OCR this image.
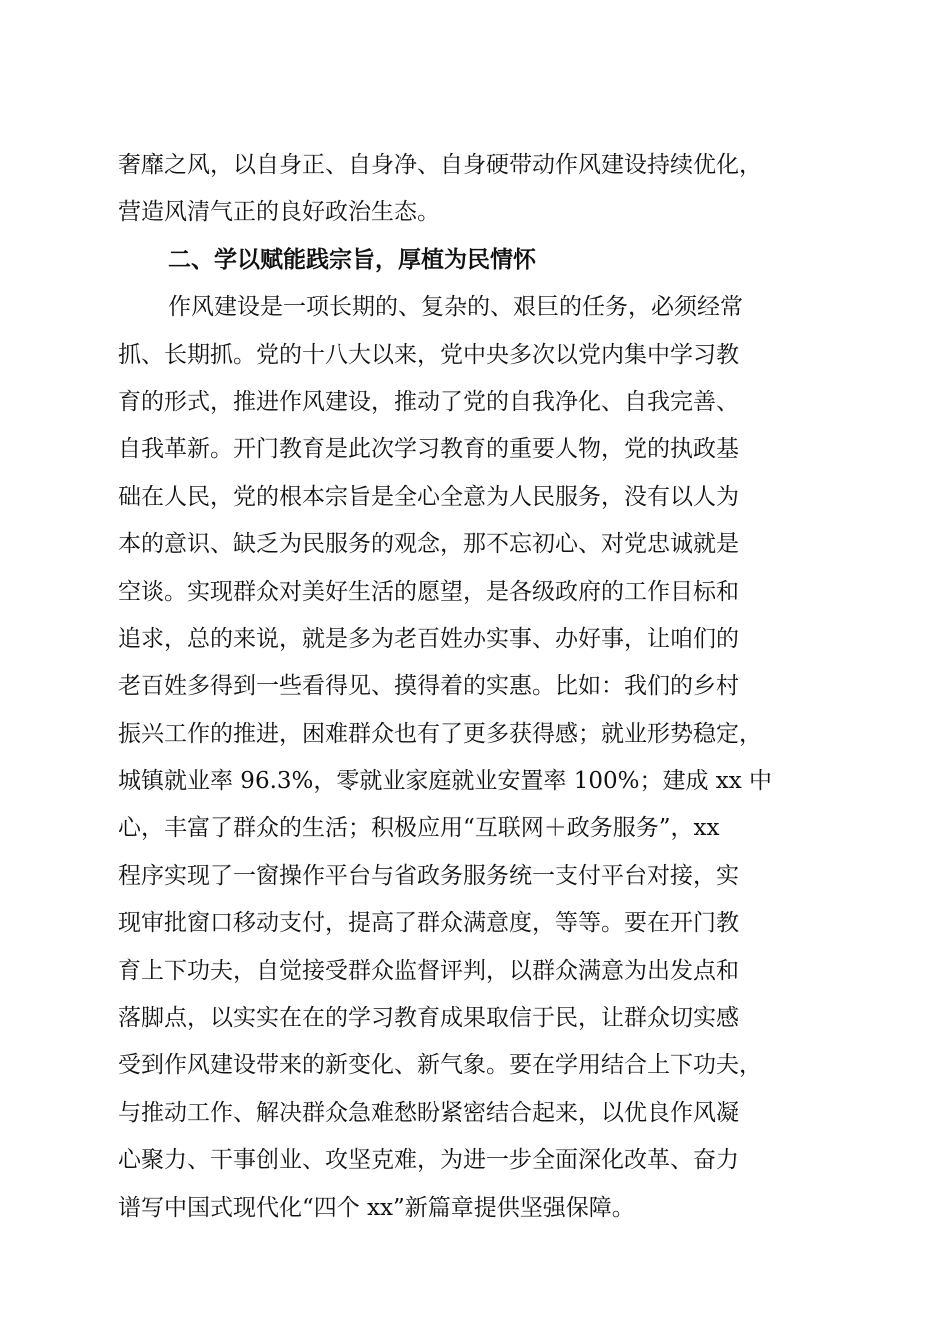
奢靡之风，以自身正、自身净、自身硬带动作风建设持续优化，
营造风清气正的良好政治生态。
二、学以赋能践宗旨，厚植为民情怀
作风建设是一项长期的、复杂的、艰巨的任务，必须经常
抓、长期抓。党的十八大以来，党中央多次以党内集中学习教
育的形式，推进作风建设，推动了党的自我净化、自我完善、
自我革新。开门教育是此次学习教育的重要人物，党的执政基
础在人民，党的根本宗旨是全心全意为人民服务，没有以人为
本的意识、缺乏为民服务的观念，那不忘初心、对党忠诚就是
空谈。实现群众对美好生活的愿望，是各级政府的工作目标和
追求，总的来说，就是多为老百姓办实事、办好事，让咱们的
老百姓多得到一些看得见、摸得着的实惠。比如：我们的乡村
振兴工作的推进，困难群众也有了更多获得感；就业形势稳定，
城镇就业率 96.3%，零就业家庭就业安置率 100%；建成 xx 中
心，丰富了群众的生活；积极应用“互联网＋政务服务”，xx
程序实现了一窗操作平台与省政务服务统一支付平台对接，实
现审批窗口移动支付，提高了群众满意度，等等。要在开门教
育上下功夫，自觉接受群众监督评判，以群众满意为出发点和
落脚点，以实实在在的学习教育成果取信于民，让群众切实感
受到作风建设带来的新变化、新气象。要在学用结合上下功夫，
与推动工作、解决群众急难愁盼紧密结合起来，以优良作风凝
心聚力、干事创业、攻坚克难，为进一步全面深化改革、奋力
谱写中国式现代化“四个 xx”新篇章提供坚强保障。
